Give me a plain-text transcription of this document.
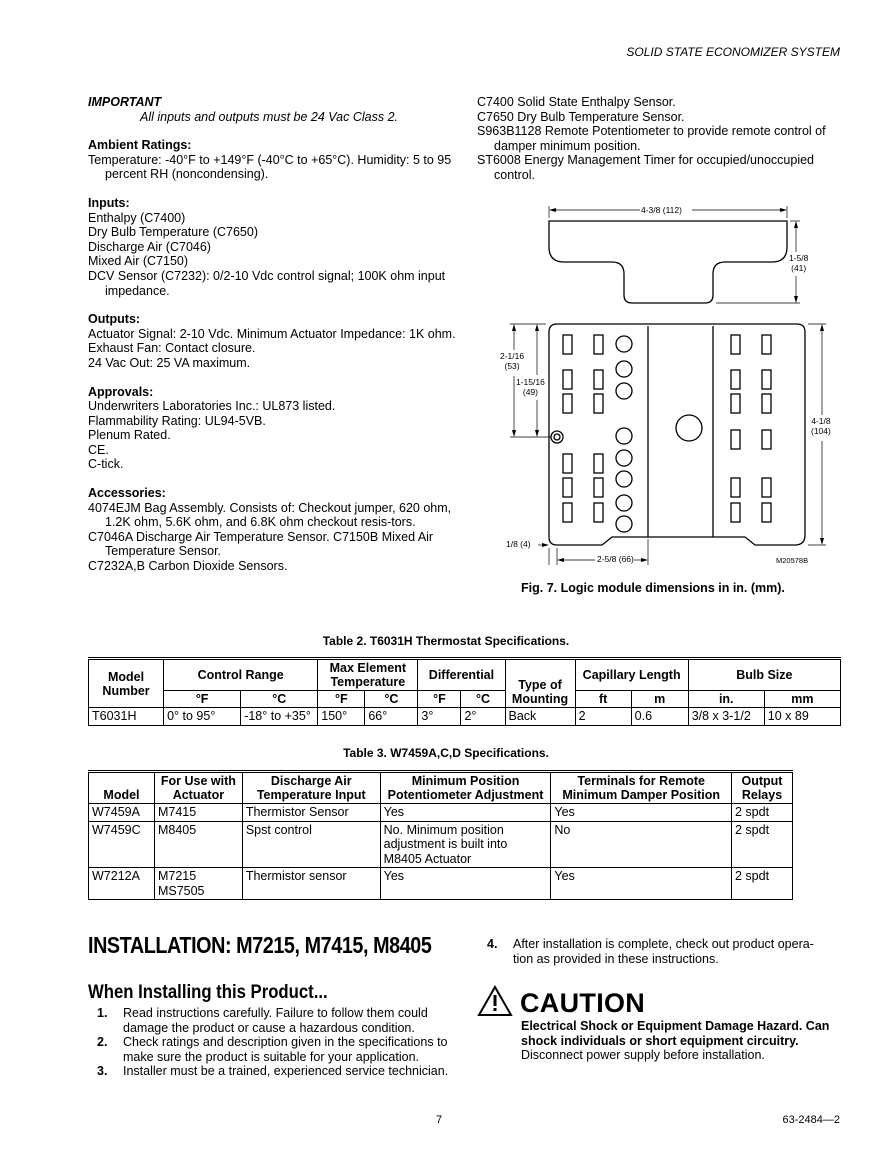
SOLID STATE ECONOMIZER SYSTEM
IMPORTANT
All inputs and outputs must be 24 Vac Class 2.
Ambient Ratings:
Temperature: -40°F to +149°F (-40°C to +65°C). Humidity: 5 to 95 percent RH (noncondensing).
Inputs:
Enthalpy (C7400)
Dry Bulb Temperature (C7650)
Discharge Air (C7046)
Mixed Air (C7150)
DCV Sensor (C7232): 0/2-10 Vdc control signal; 100K ohm input impedance.
Outputs:
Actuator Signal: 2-10 Vdc. Minimum Actuator Impedance: 1K ohm.
Exhaust Fan: Contact closure.
24 Vac Out: 25 VA maximum.
Approvals:
Underwriters Laboratories Inc.: UL873 listed.
Flammability Rating: UL94-5VB.
Plenum Rated.
CE.
C-tick.
Accessories:
4074EJM Bag Assembly. Consists of: Checkout jumper, 620 ohm, 1.2K ohm, 5.6K ohm, and 6.8K ohm checkout resis-tors.
C7046A Discharge Air Temperature Sensor. C7150B Mixed Air Temperature Sensor.
C7232A,B Carbon Dioxide Sensors.
C7400 Solid State Enthalpy Sensor.
C7650 Dry Bulb Temperature Sensor.
S963B1128 Remote Potentiometer to provide remote control of damper minimum position.
ST6008 Energy Management Timer for occupied/unoccupied control.
4-3/8 (112)
1-5/8
(41)
2-1/16
(53)
1-15/16
(49)
4-1/8
(104)
1/8 (4)
2-5/8 (66)	M20578B
Fig. 7. Logic module dimensions in in. (mm).
Table 2. T6031H Thermostat Specifications.
Model Number	Control Range		Max Element Temperature		Differential		Type of Mounting	Capillary Length		Bulb Size	
	°F	°C	°F	°C	°F	°C		ft	m	in.	mm
T6031H	0° to 95°	-18° to +35°	150°	66°	3°	2°	Back	2	0.6	3/8 x 3-1/2	10 x 89
Table 3. W7459A,C,D Specifications.
Model	For Use with Actuator	Discharge Air Temperature Input	Minimum Position Potentiometer Adjustment	Terminals for Remote Minimum Damper Position	Output Relays
W7459A	M7415	Thermistor Sensor	Yes	Yes	2 spdt
W7459C	M8405	Spst control	No. Minimum position adjustment is built into M8405 Actuator	No	2 spdt
W7212A	M7215 MS7505	Thermistor sensor	Yes	Yes	2 spdt
INSTALLATION: M7215, M7415, M8405
When Installing this Product...
1.	Read instructions carefully. Failure to follow them could damage the product or cause a hazardous condition.
2.	Check ratings and description given in the specifications to make sure the product is suitable for your application.
3.	Installer must be a trained, experienced service technician.
4.	After installation is complete, check out product opera-tion as provided in these instructions.
CAUTION
Electrical Shock or Equipment Damage Hazard. Can shock individuals or short equipment circuitry.
Disconnect power supply before installation.
7	63-2484—2
